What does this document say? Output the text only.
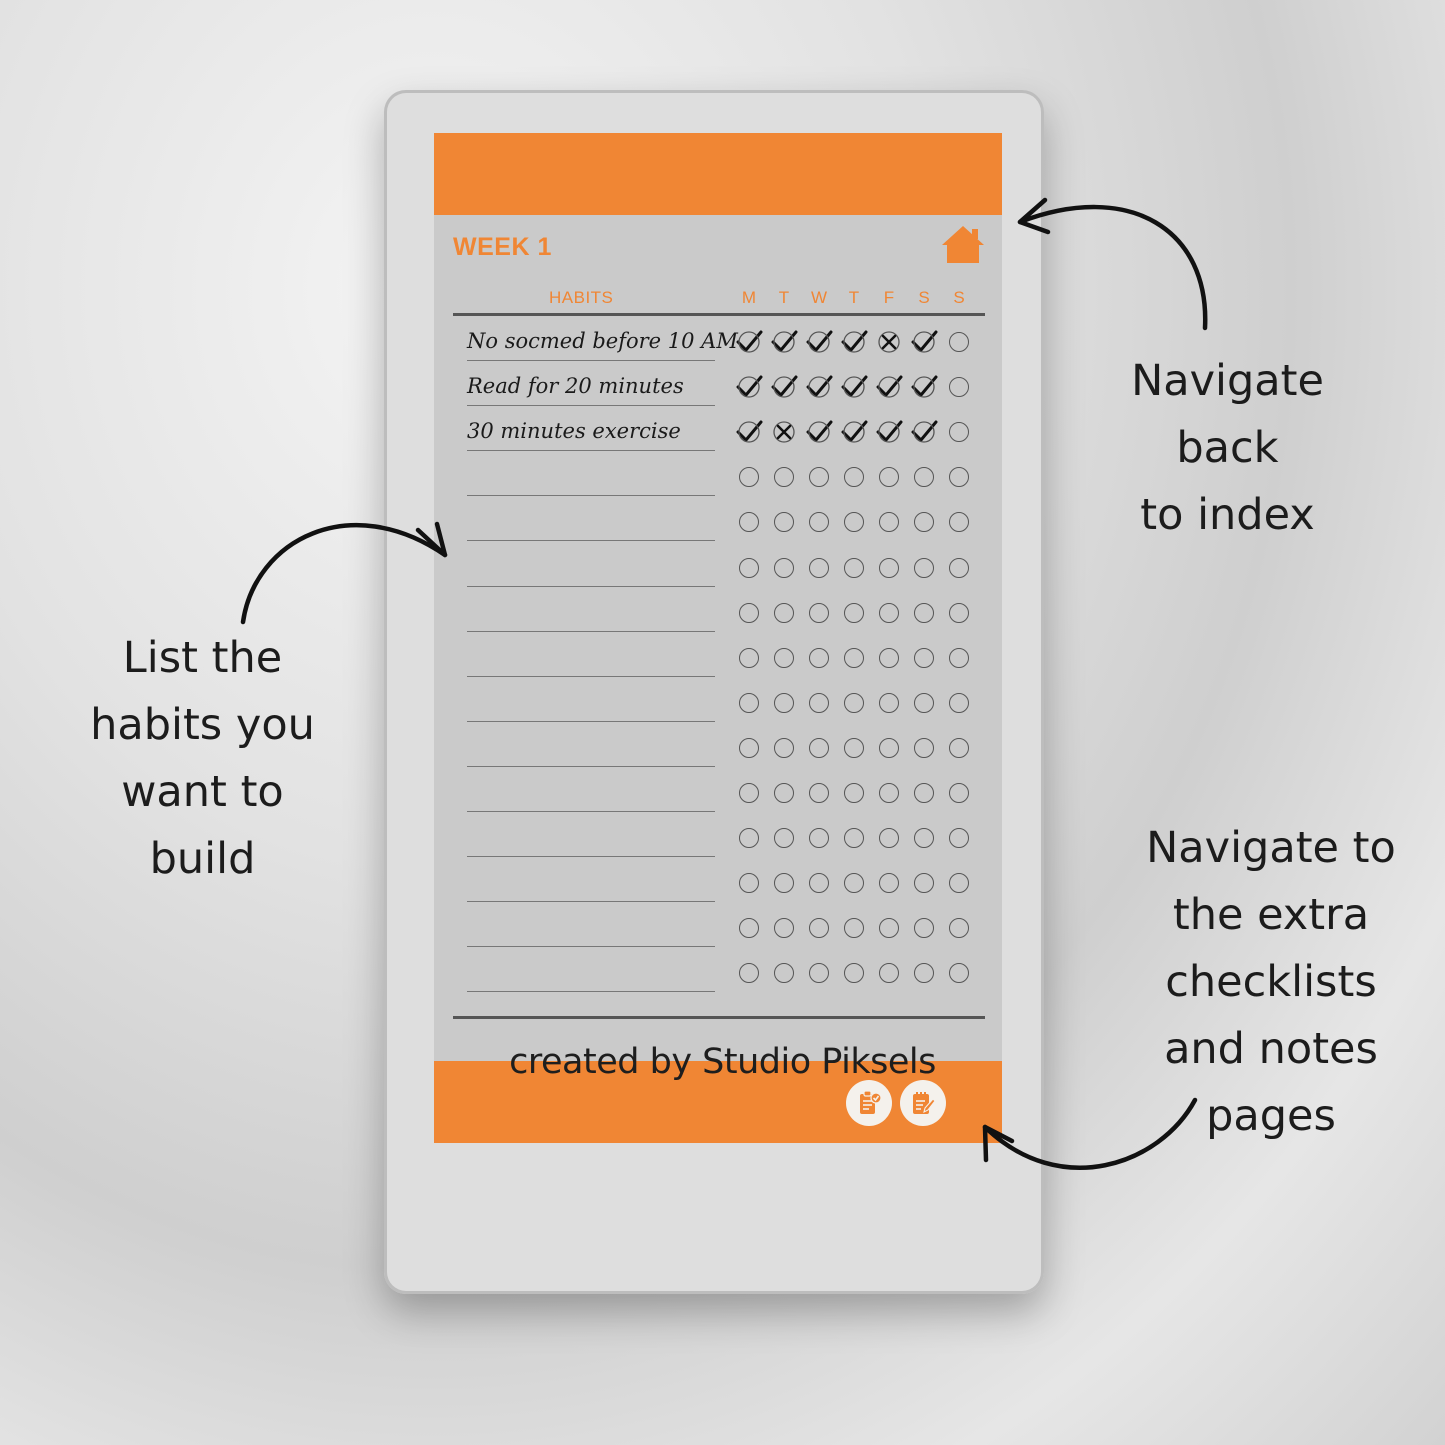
WEEK 1
HABITS	M T W T F S S
No socmed before 10 AM
Read for 20 minutes
30 minutes exercise
Navigate
back
to index
List the
habits you
want to
build	Navigate to
the extra
checklists
and notes
pages
created by Studio Piksels
